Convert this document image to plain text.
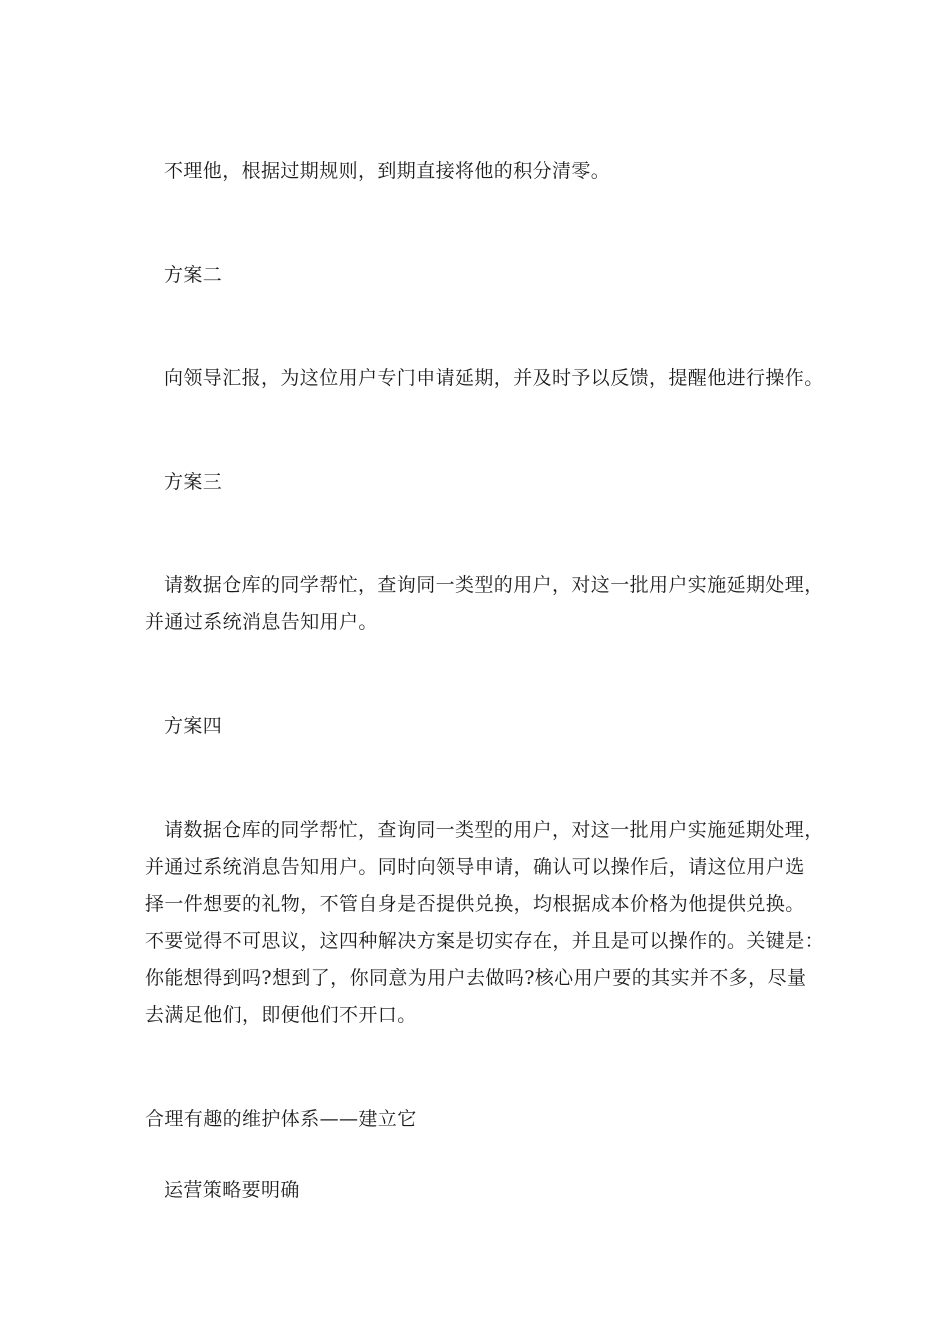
不理他，根据过期规则，到期直接将他的积分清零。
方案二
向领导汇报，为这位用户专门申请延期，并及时予以反馈，提醒他进行操作。
方案三
请数据仓库的同学帮忙，查询同一类型的用户，对这一批用户实施延期处理，
并通过系统消息告知用户。
方案四
请数据仓库的同学帮忙，查询同一类型的用户，对这一批用户实施延期处理，
并通过系统消息告知用户。同时向领导申请，确认可以操作后，请这位用户选
择一件想要的礼物，不管自身是否提供兑换，均根据成本价格为他提供兑换。
不要觉得不可思议，这四种解决方案是切实存在，并且是可以操作的。关键是：
你能想得到吗?想到了，你同意为用户去做吗?核心用户要的其实并不多，尽量
去满足他们，即便他们不开口。
合理有趣的维护体系——建立它
运营策略要明确
